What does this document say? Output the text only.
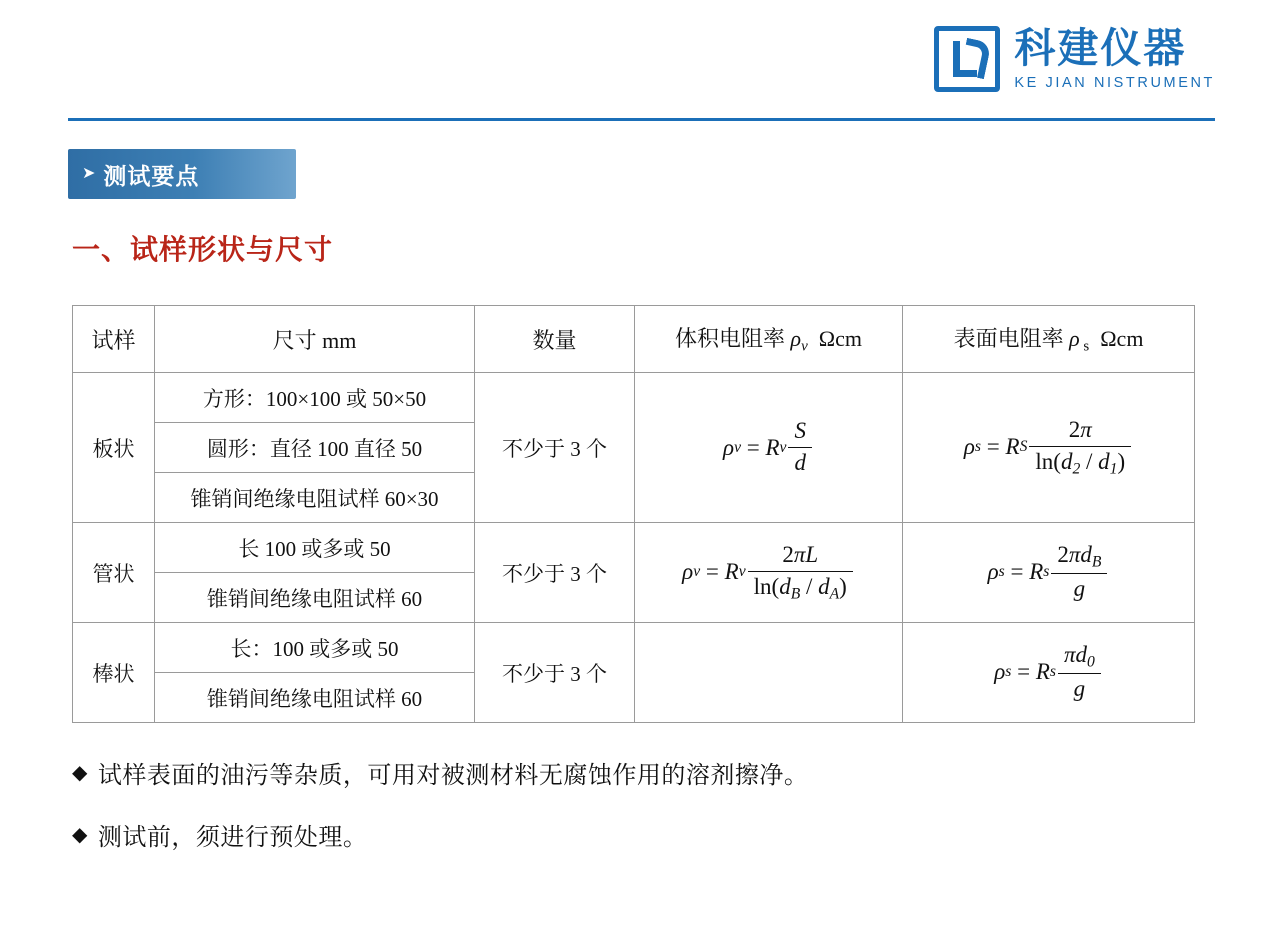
科建仪器
KE JIAN NISTRUMENT
➤ 测试要点
一、试样形状与尺寸
试样	尺寸 mm	数量	体积电阻率 $\rho_v$  Ωcm	表面电阻率 ρ $_s$  Ωcm
板状	方形：100×100 或 50×50	不少于 3 个	ρ v = R v $\frac{S}{d}$	ρ s = R S $\frac{2\pi}{\ln(d_2 / d_1)}$

	圆形：直径 100 直径 50			
	锥销间绝缘电阻试样 60×30			
管状	长 100 或多或 50	不少于 3 个	ρ v = R v $\frac{2\pi L}{\ln(d_B / d_A)}$	ρ s = R s $\frac{2\pi d_B}{g}$

	锥销间绝缘电阻试样 60			
棒状	长：100 或多或 50	不少于 3 个		ρ s = R s $\frac{\pi d_0}{g}$

	锥销间绝缘电阻试样 60			
◆ 试样表面的油污等杂质，可用对被测材料无腐蚀作用的溶剂擦净。
◆ 测试前，须进行预处理。
